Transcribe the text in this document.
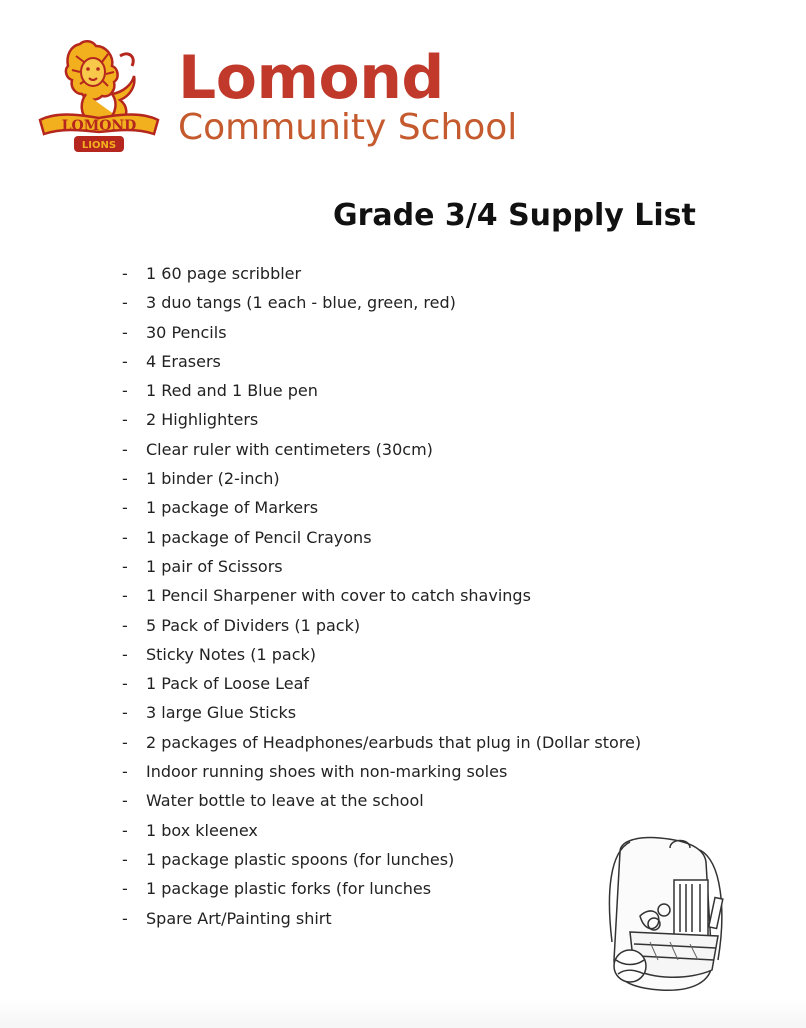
LOMOND
LIONS
Lomond
Community School
Grade 3/4 Supply List
- 1 60 page scribbler
- 3 duo tangs (1 each - blue, green, red)
- 30 Pencils
- 4 Erasers
- 1 Red and 1 Blue pen
- 2 Highlighters
- Clear ruler with centimeters (30cm)
- 1 binder (2-inch)
- 1 package of Markers
- 1 package of Pencil Crayons
- 1 pair of Scissors
- 1 Pencil Sharpener with cover to catch shavings
- 5 Pack of Dividers (1 pack)
- Sticky Notes (1 pack)
- 1 Pack of Loose Leaf
- 3 large Glue Sticks
- 2 packages of Headphones/earbuds that plug in (Dollar store)
- Indoor running shoes with non-marking soles
- Water bottle to leave at the school
- 1 box kleenex
- 1 package plastic spoons (for lunches)
- 1 package plastic forks (for lunches
- Spare Art/Painting shirt
